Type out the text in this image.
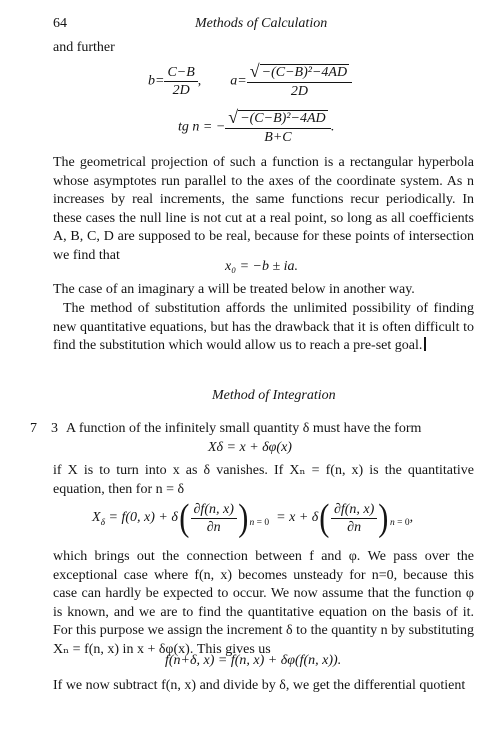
64	Methods of Calculation
and further
$b= \frac{C-B}{2D}$ , $a= \frac{\text{√ −(C−B)²−4AD}}{2D}$
tg n = − $\frac{\text{√ −(C−B)²−4AD}}{B+C}$ .
The geometrical projection of such a function is a rectangular hyperbola whose asymptotes run parallel to the axes of the coordinate system. As n increases by real increments, the same functions recur periodically. In these cases the null line is not cut at a real point, so long as all coefficients A, B, C, D are supposed to be real, because for these points of intersection we find that
x₀ = −b ± ia.
The case of an imaginary a will be treated below in another way.
The method of substitution affords the unlimited possibility of finding new quantitative equations, but has the drawback that it is often difficult to find the substitution which would allow us to reach a pre-set goal.
Method of Integration
7 3 A function of the infinitely small quantity δ must have the form
Xδ = x + δφ(x)
if X is to turn into x as δ vanishes. If Xₙ = f(n, x) is the quantitative equation, then for n = δ
$X_\delta = f(0$, $x) + \delta( \frac{\partial f(n, x)}{\partial n} )_{n = 0} = x + \delta( \frac{\partial f(n, x)}{\partial n} )_{n = 0}$,
which brings out the connection between f and φ. We pass over the exceptional case where f(n, x) becomes unsteady for n=0, because this case can hardly be expected to occur. We now assume that the function φ is known, and we are to find the quantitative equation on the basis of it. For this purpose we assign the increment δ to the quantity n by substituting Xₙ = f(n, x) in x + δφ(x). This gives us
f(n+δ, x) = f(n, x) + δφ(f(n, x)).
If we now subtract f(n, x) and divide by δ, we get the differential quotient
